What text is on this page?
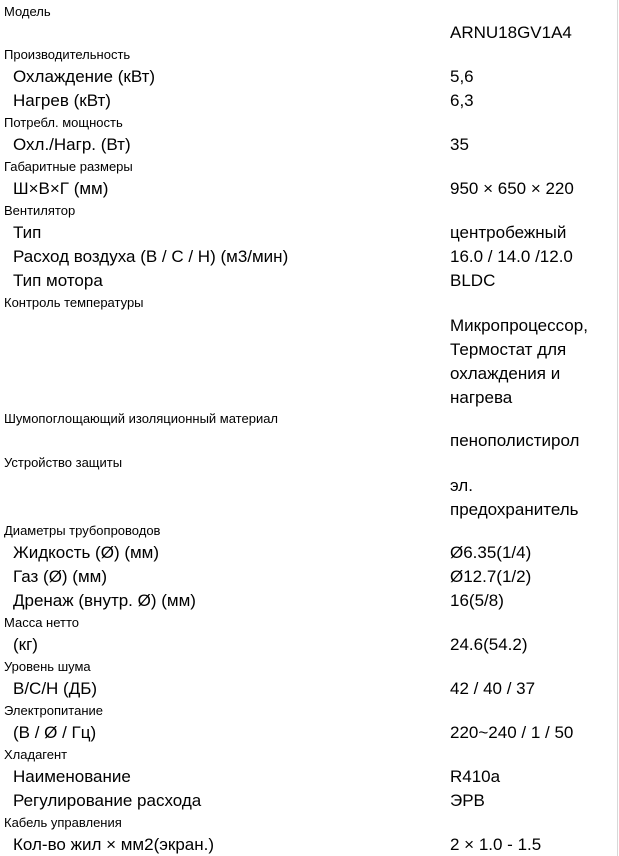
Модель
ARNU18GV1A4
Производительность
Охлаждение (кВт)	5,6
Нагрев (кВт)	6,3
Потребл. мощность
Охл./Нагр. (Вт)	35
Габаритные размеры
Ш×В×Г (мм)	950 × 650 × 220
Вентилятор
Тип	центробежный
Расход воздуха (В / С / Н) (м3/мин)	16.0 / 14.0 /12.0
Тип мотора	BLDC
Контроль температуры
Микропроцессор,
Термостат для
охлаждения и
нагрева
Шумопоглощающий изоляционный материал
пенополистирол
Устройство защиты
эл.
предохранитель
Диаметры трубопроводов
Жидкость (Ø) (мм)	Ø6.35(1/4)
Газ (Ø) (мм)	Ø12.7(1/2)
Дренаж (внутр. Ø) (мм)	16(5/8)
Масса нетто
(кг)	24.6(54.2)
Уровень шума
В/С/Н (ДБ)	42 / 40 / 37
Электропитание
(В / Ø / Гц)	220~240 / 1 / 50
Хладагент
Наименование	R410a
Регулирование расхода	ЭРВ
Кабель управления
Кол-во жил × мм2(экран.)	2 × 1.0 - 1.5
